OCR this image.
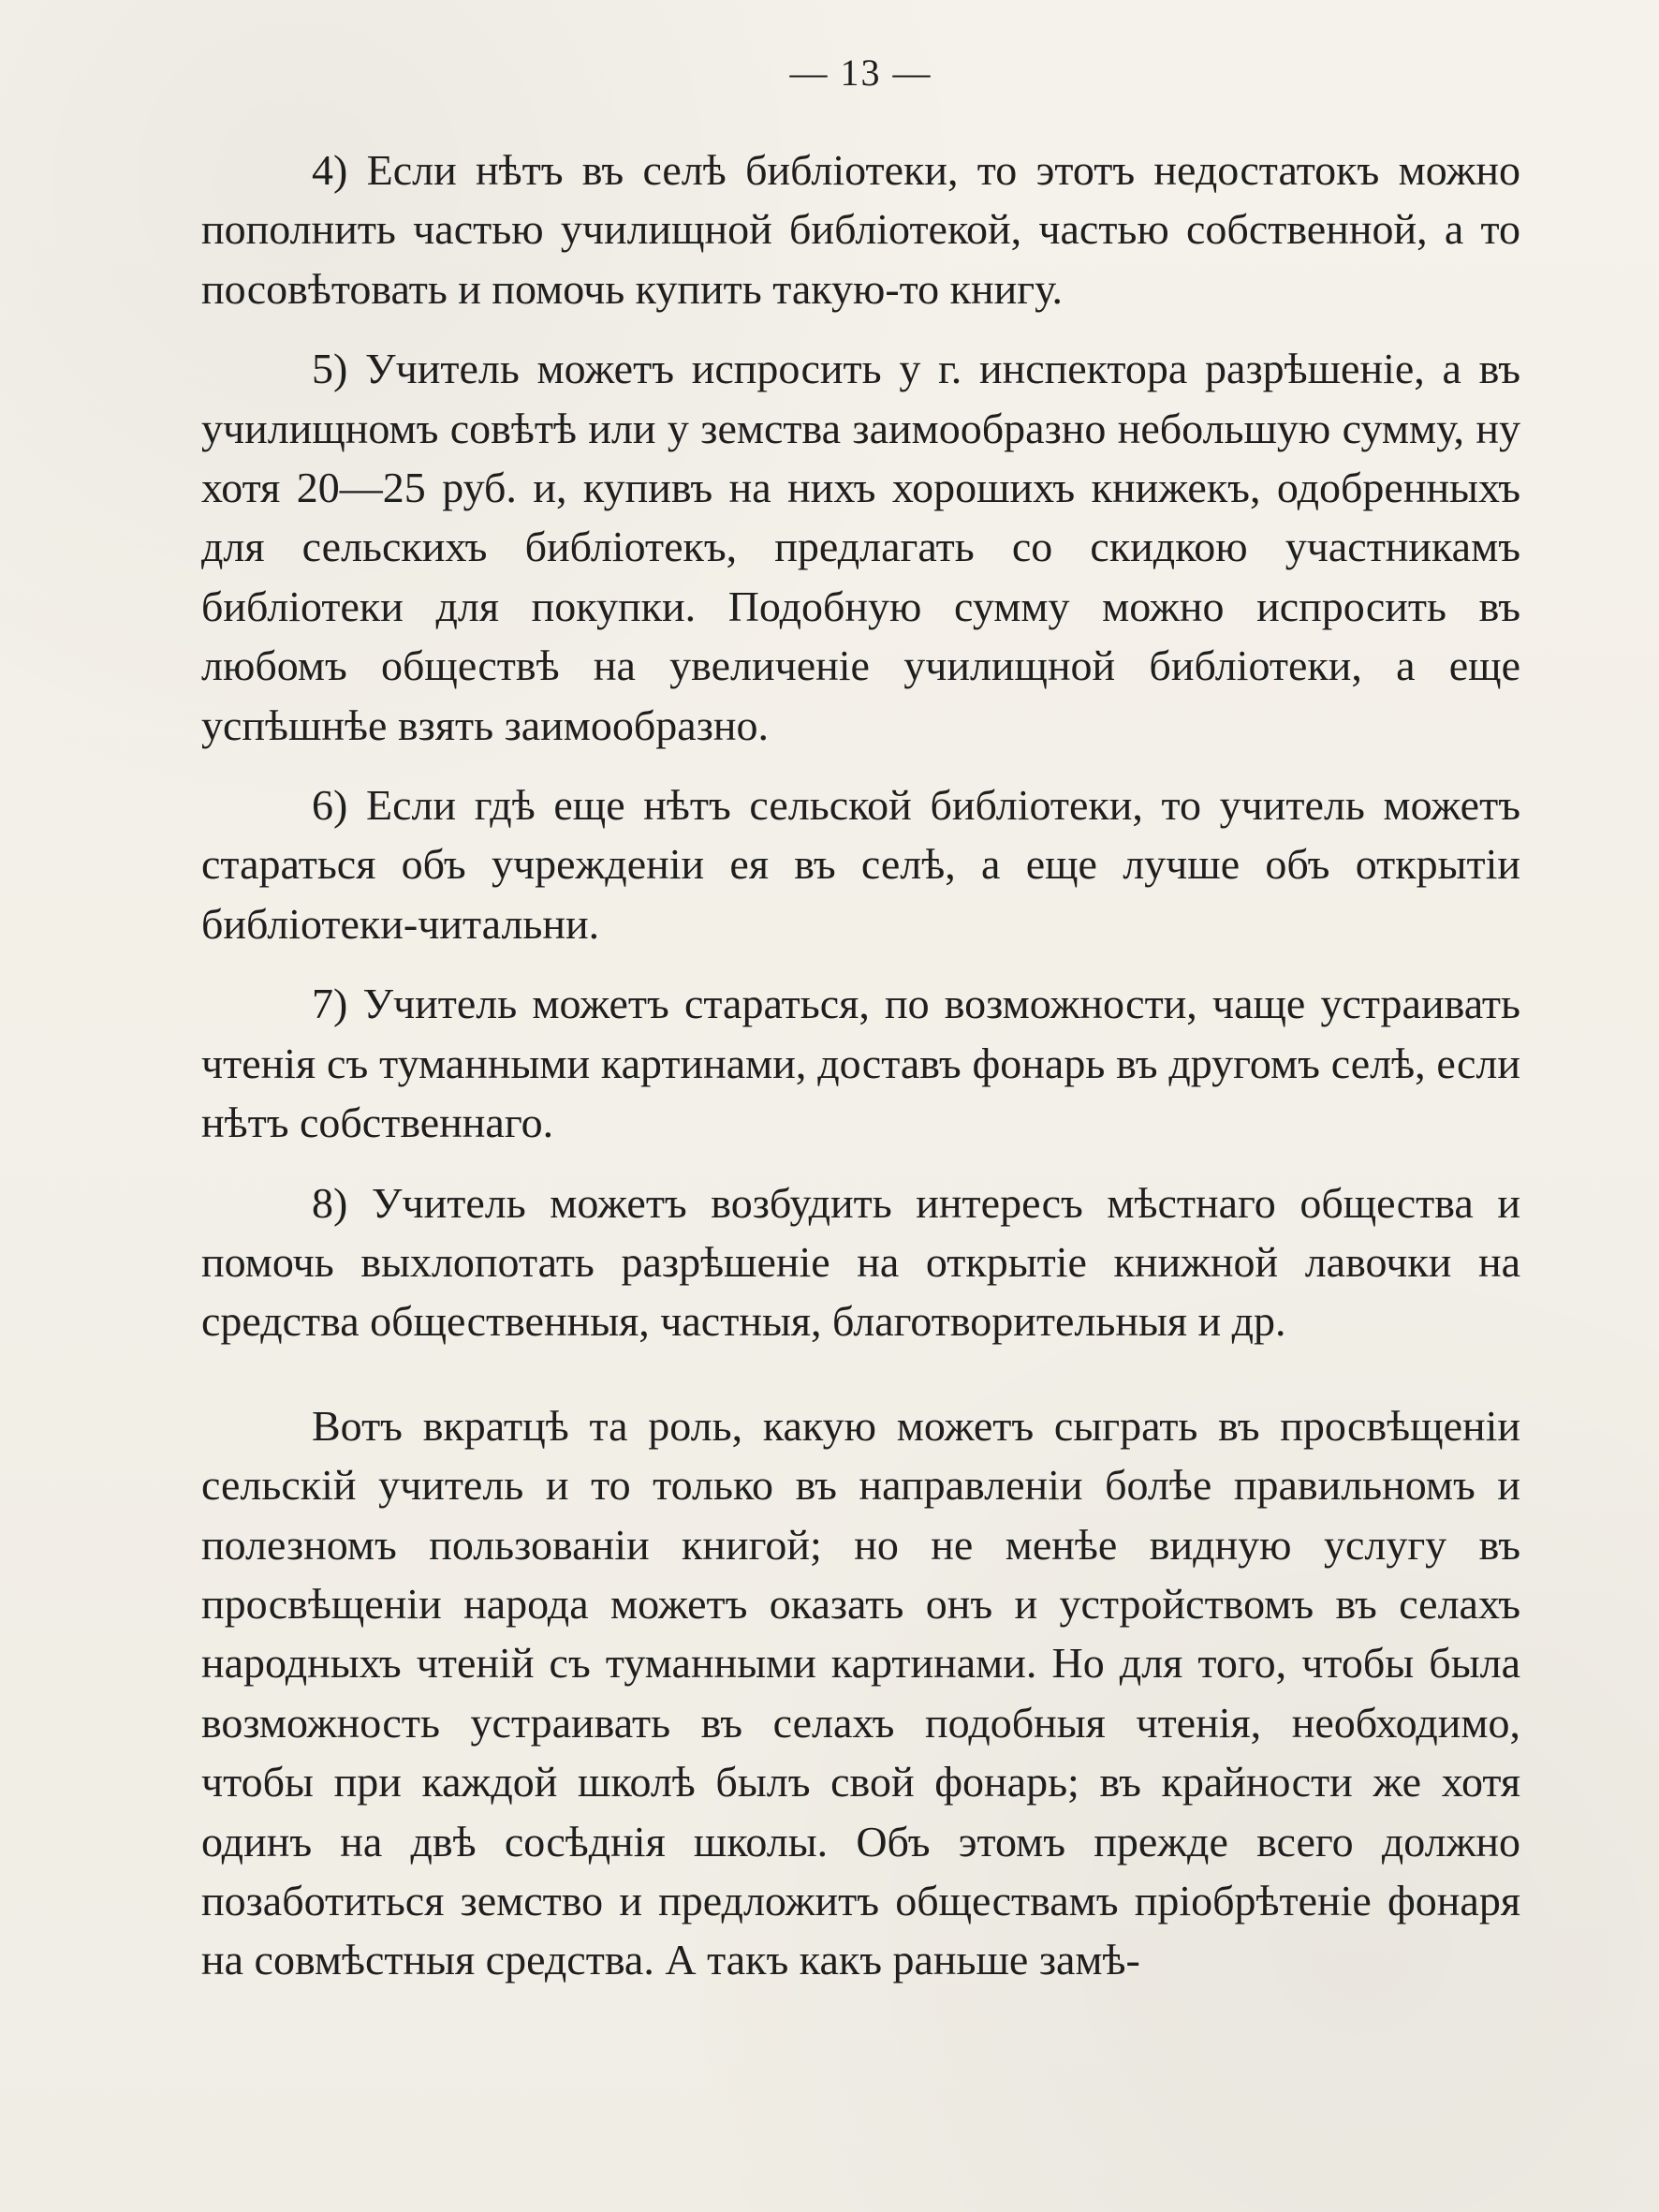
— 13 —

4) Если нѣтъ въ селѣ библіотеки, то этотъ недостатокъ можно пополнить частью училищной библіотекой, частью собственной, а то посовѣтовать и помочь купить такую-то книгу.

5) Учитель можетъ испросить у г. инспектора разрѣшеніе, а въ училищномъ совѣтѣ или у земства заимообразно небольшую сумму, ну хотя 20—25 руб. и, купивъ на нихъ хорошихъ книжекъ, одобренныхъ для сельскихъ библіотекъ, предлагать со скидкою участникамъ библіотеки для покупки. Подобную сумму можно испросить въ любомъ обществѣ на увеличеніе училищной библіотеки, а еще успѣшнѣе взять заимообразно.

6) Если гдѣ еще нѣтъ сельской библіотеки, то учитель можетъ стараться объ учрежденіи ея въ селѣ, а еще лучше объ открытіи библіотеки-читальни.

7) Учитель можетъ стараться, по возможности, чаще устраивать чтенія съ туманными картинами, доставъ фонарь въ другомъ селѣ, если нѣтъ собственнаго.

8) Учитель можетъ возбудить интересъ мѣстнаго общества и помочь выхлопотать разрѣшеніе на открытіе книжной лавочки на средства общественныя, частныя, благотворительныя и др.

Вотъ вкратцѣ та роль, какую можетъ сыграть въ просвѣщеніи сельскій учитель и то только въ направленіи болѣе правильномъ и полезномъ пользованіи книгой; но не менѣе видную услугу въ просвѣщеніи народа можетъ оказать онъ и устройствомъ въ селахъ народныхъ чтеній съ туманными картинами. Но для того, чтобы была возможность устраивать въ селахъ подобныя чтенія, необходимо, чтобы при каждой школѣ былъ свой фонарь; въ крайности же хотя одинъ на двѣ сосѣднія школы. Объ этомъ прежде всего должно позаботиться земство и предложитъ обществамъ пріобрѣтеніе фонаря на совмѣстныя средства. А такъ какъ раньше замѣ-
